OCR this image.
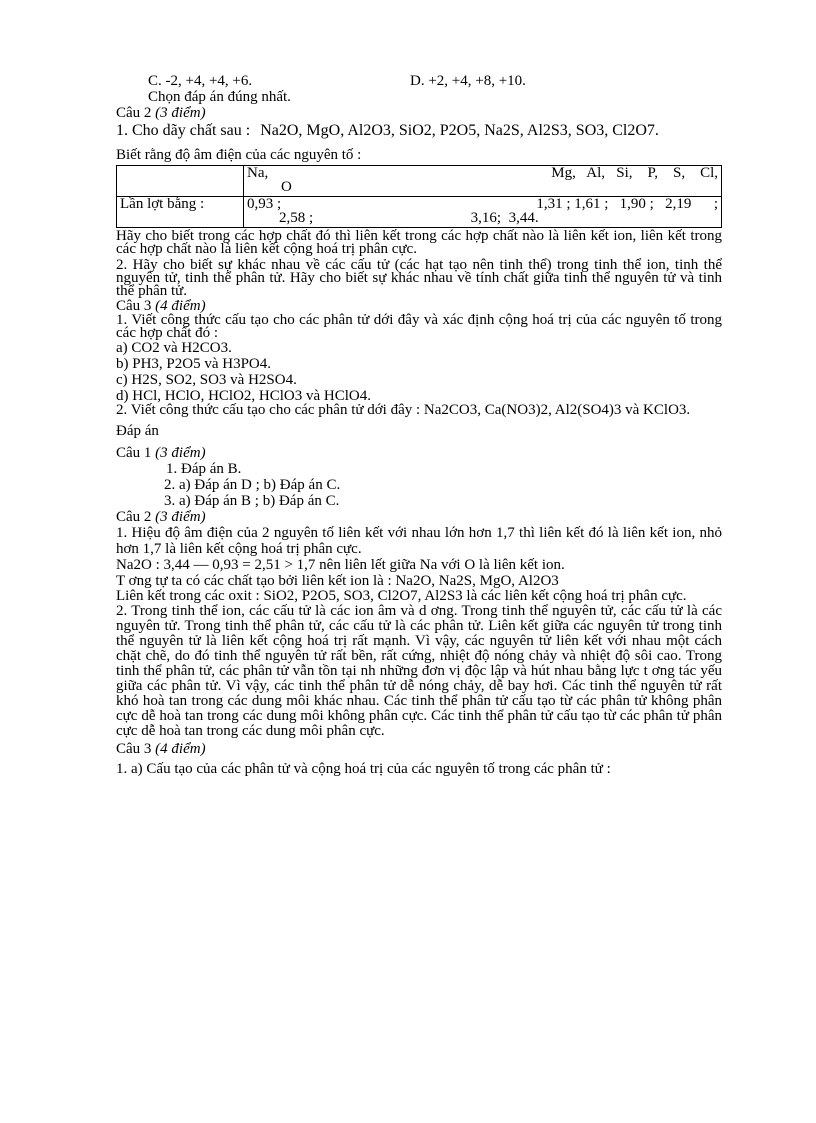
C. -2, +4, +4, +6.	D. +2, +4, +8, +10.
Chọn đáp án đúng nhất.
Câu 2 (3 điểm)
1. Cho dãy chất sau : Na2O, MgO, Al2O3, SiO2, P2O5, Na2S, Al2S3, SO3, Cl2O7.
Biết rằng độ âm điện của các nguyên tố :

	Na, Mg,   Al,   Si,    P,    S,    Cl,
O

Lần lợt bằng :	0,93 ; 1,31 ; 1,61 ;   1,90 ;   2,19      ;
2,58 ;                                          3,16;  3,44.
Hãy cho biết trong các hợp chất đó thì liên kết trong các hợp chất nào là liên kết ion, liên kết trong các hợp chất nào là liên kết cộng hoá trị phân cực.
2. Hãy cho biết sự khác nhau về các cấu tử (các hạt tạo nên tinh thể) trong tinh thể ion, tinh thể nguyên tử, tinh thể phân tử. Hãy cho biết sự khác nhau về tính chất giữa tinh thể nguyên tử và tinh thể phân tử.
Câu 3 (4 điểm)
1. Viết công thức cấu tạo cho các phân tử dới đây và xác định cộng hoá trị của các nguyên tố trong các hợp chất đó :
a) CO2 và H2CO3.
b) PH3, P2O5 và H3PO4.
c) H2S, SO2, SO3 và H2SO4.
d) HCl, HClO, HClO2, HClO3 và HClO4.
2. Viết công thức cấu tạo cho các phân tử dới đây : Na2CO3, Ca(NO3)2, Al2(SO4)3 và KClO3.
Đáp án
Câu 1 (3 điểm)
1. Đáp án B.
2. a) Đáp án D ; b) Đáp án C.
3. a) Đáp án B ; b) Đáp án C.
Câu 2 (3 điểm)
1. Hiệu độ âm điện của 2 nguyên tố liên kết với nhau lớn hơn 1,7 thì liên kết đó là liên kết ion, nhỏ hơn 1,7 là liên kết cộng hoá trị phân cực.
Na2O : 3,44 — 0,93 = 2,51 > 1,7 nên liên lết giữa Na với O là liên kết ion.
T ơng tự ta có các chất tạo bởi liên kết ion là : Na2O, Na2S, MgO, Al2O3
Liên kết trong các oxit : SiO2, P2O5, SO3, Cl2O7, Al2S3 là các liên kết cộng hoá trị phân cực.
2. Trong tinh thể ion, các cấu tử là các ion âm và d ơng. Trong tinh thể nguyên tử, các cấu tử là các nguyên tử. Trong tinh thể phân tử, các cấu tử là các phân tử. Liên kết giữa các nguyên tử trong tinh thể nguyên tử là liên kết cộng hoá trị rất mạnh. Vì vậy, các nguyên tử liên kết với nhau một cách chặt chẽ, do đó tinh thể nguyên tử rất bền, rất cứng, nhiệt độ nóng chảy và nhiệt độ sôi cao. Trong tinh thể phân tử, các phân tử vẫn tồn tại nh những đơn vị độc lập và hút nhau bằng lực t ơng tác yếu giữa các phân tử. Vì vậy, các tinh thể phân tử dễ nóng chảy, dễ bay hơi. Các tinh thể nguyên tử rất khó hoà tan trong các dung môi khác nhau. Các tinh thể phân tử cấu tạo từ các phân tử không phân cực dễ hoà tan trong các dung môi không phân cực. Các tinh thể phân tử cấu tạo từ các phân tử phân cực dễ hoà tan trong các dung môi phân cực.
Câu 3 (4 điểm)
1. a) Cấu tạo của các phân tử và cộng hoá trị của các nguyên tố trong các phân tử :
